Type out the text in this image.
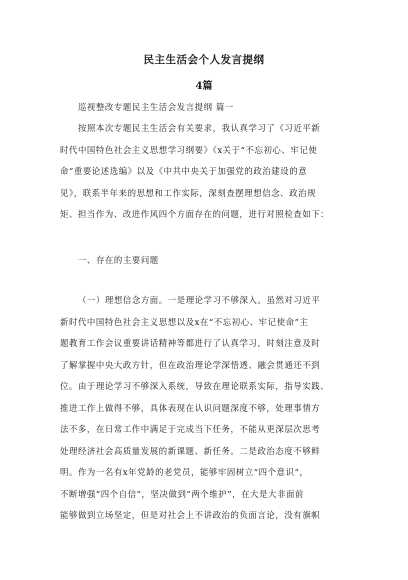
民主生活会个人发言提纲
4篇
巡视整改专题民主生活会发言提纲 篇一
按照本次专题民主生活会有关要求，我认真学习了《习近平新
时代中国特色社会主义思想学习纲要》《x关于“不忘初心、牢记使
命”重要论述选编》以及《中共中央关于加强党的政治建设的意
见》，联系半年来的思想和工作实际，深刻查摆理想信念、政治规
矩、担当作为、改进作风四个方面存在的问题，进行对照检查如下：
一、存在的主要问题
（一）理想信念方面。一是理论学习不够深入。虽然对习近平
新时代中国特色社会主义思想以及x在“不忘初心、牢记使命”主
题教育工作会议重要讲话精神等都进行了认真学习，时刻注意及时
了解掌握中央大政方针，但在政治理论学深悟透、融会贯通还不到
位。由于理论学习不够深入系统，导致在理论联系实际，指导实践、
推进工作上做得不够，具体表现在认识问题深度不够，处理事情方
法不多，在日常工作中满足于完成当下任务，不能从更深层次思考
处理经济社会高质量发展的新课题、新任务。二是政治态度不够鲜
明。作为一名有x年党龄的老党员，能够牢固树立“四个意识”，
不断增强“四个自信”，坚决做到“两个维护”，在大是大非面前
能够做到立场坚定，但是对社会上不讲政治的负面言论，没有旗帜
